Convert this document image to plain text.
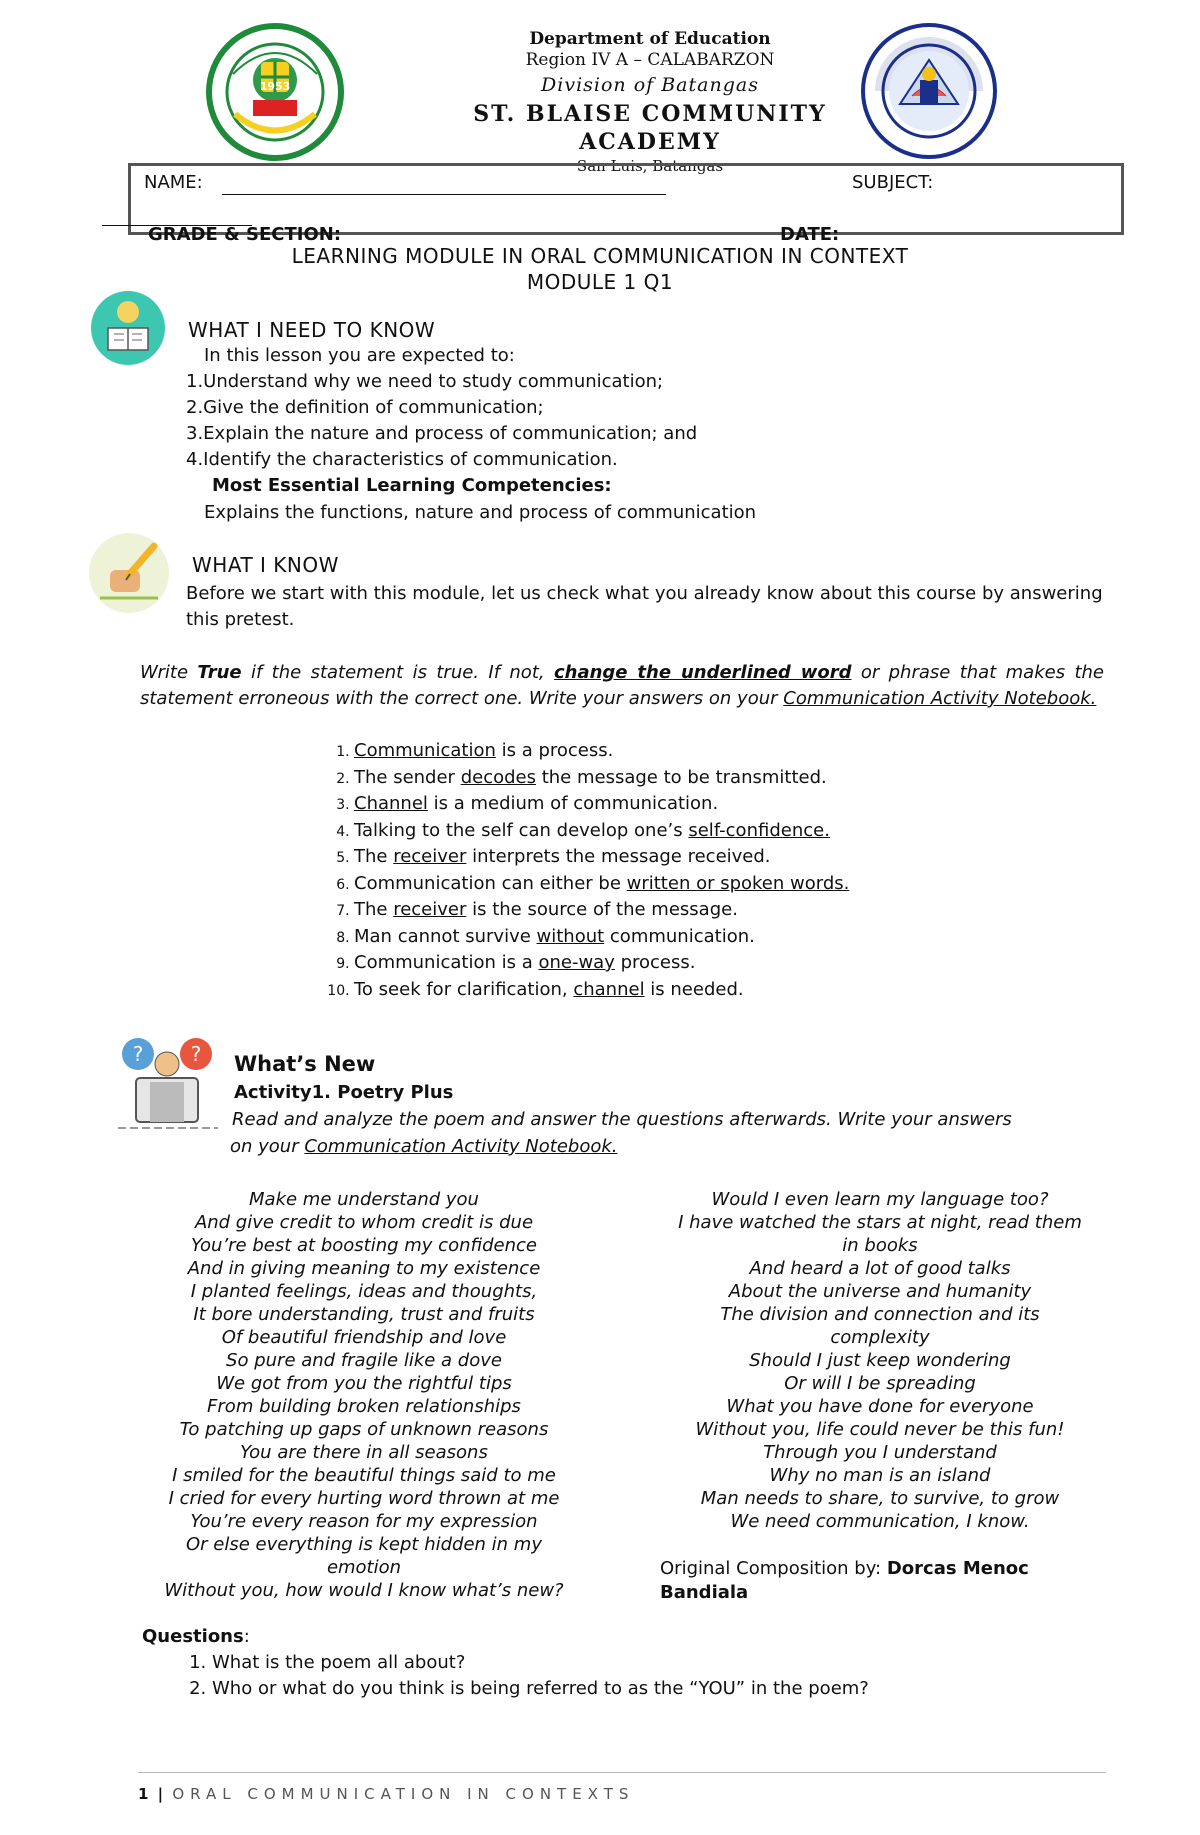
1953
Department of Education
Region IV A – CALABARZON
Division of Batangas
ST. BLAISE COMMUNITY ACADEMY
San Luis, Batangas
NAME:	SUBJECT:
GRADE & SECTION:	DATE:
LEARNING MODULE IN ORAL COMMUNICATION IN CONTEXT
MODULE 1 Q1
WHAT I NEED TO KNOW
In this lesson you are expected to:
1.Understand why we need to study communication;
2.Give the definition of communication;
3.Explain the nature and process of communication; and
4.Identify the characteristics of communication.
Most Essential Learning Competencies:
Explains the functions, nature and process of communication
WHAT I KNOW
Before we start with this module, let us check what you already know about this course by answering this pretest.
Write True if the statement is true. If not, change the underlined word or phrase that makes the statement erroneous with the correct one. Write your answers on your Communication Activity Notebook.
1. Communication is a process.
2. The sender decodes the message to be transmitted.
3. Channel is a medium of communication.
4. Talking to the self can develop one’s self-confidence.
5. The receiver interprets the message received.
6. Communication can either be written or spoken words.
7. The receiver is the source of the message.
8. Man cannot survive without communication.
9. Communication is a one-way process.
10. To seek for clarification, channel is needed.
? ? What’s New
Activity1. Poetry Plus
Read and analyze the poem and answer the questions afterwards. Write your answers
on your Communication Activity Notebook.
Make me understand you
And give credit to whom credit is due
You’re best at boosting my confidence
And in giving meaning to my existence
I planted feelings, ideas and thoughts,
It bore understanding, trust and fruits
Of beautiful friendship and love
So pure and fragile like a dove
We got from you the rightful tips
From building broken relationships
To patching up gaps of unknown reasons
You are there in all seasons
I smiled for the beautiful things said to me
I cried for every hurting word thrown at me
You’re every reason for my expression
Or else everything is kept hidden in my
emotion
Without you, how would I know what’s new?
Would I even learn my language too?
I have watched the stars at night, read them
in books
And heard a lot of good talks
About the universe and humanity
The division and connection and its
complexity
Should I just keep wondering
Or will I be spreading
What you have done for everyone
Without you, life could never be this fun!
Through you I understand
Why no man is an island
Man needs to share, to survive, to grow
We need communication, I know.
Original Composition by: Dorcas Menoc
Bandiala
Questions:
1. What is the poem all about?
2. Who or what do you think is being referred to as the “YOU” in the poem?
1 | ORAL COMMUNICATION IN CONTEXTS
